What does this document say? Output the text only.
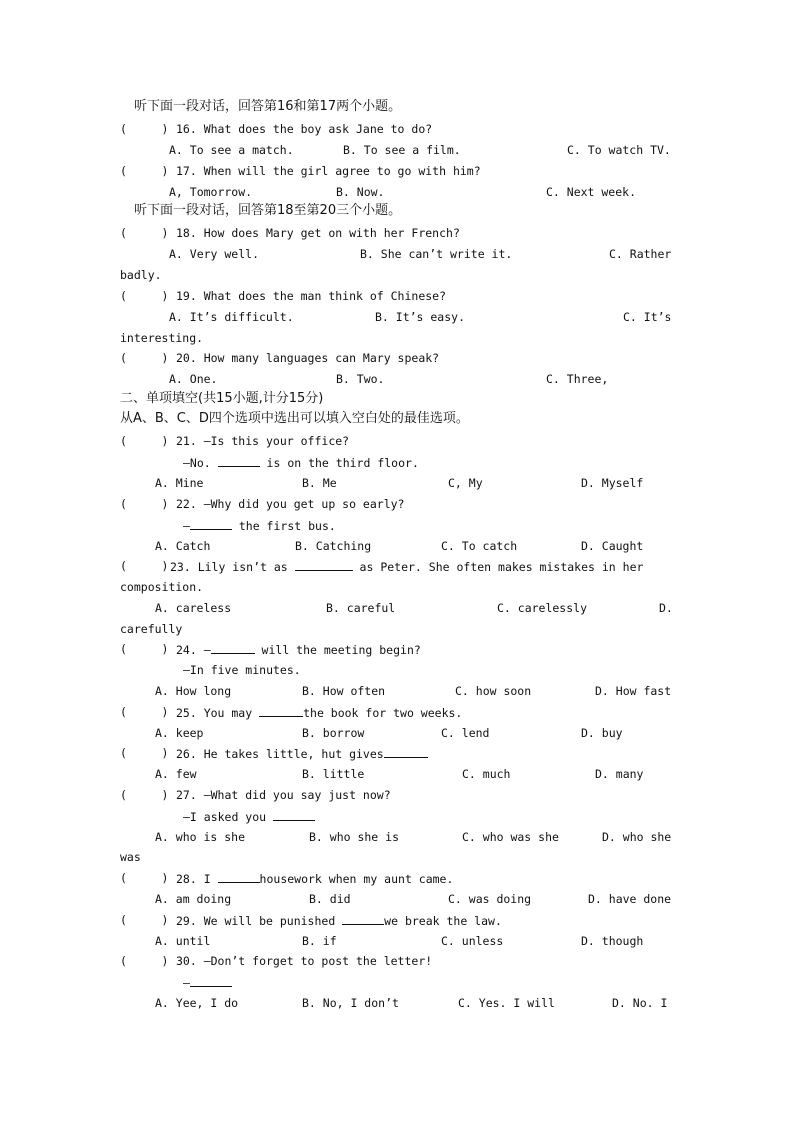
听下面一段对话，回答第16和第17两个小题。
(     ) 16. What does the boy ask Jane to do?
A. To see a match.	B. To see a film.	C. To watch TV.
(     ) 17. When will the girl agree to go with him?
A, Tomorrow.	B. Now.	C. Next week.
听下面一段对话，回答第18至第20三个小题。
(     ) 18. How does Mary get on with her French?
A. Very well.	B. She can’t write it.	C. Rather
badly.
(     ) 19. What does the man think of Chinese?
A. It’s difficult.	B. It’s easy.	C. It’s
interesting.
(     ) 20. How many languages can Mary speak?
A. One.	B. Two.	C. Three,
二、单项填空(共15小题,计分15分)
从A、B、C、D四个选项中选出可以填入空白处的最佳选项。
(     ) 21. —Is this your office?
—No.	is on the third floor.
A. Mine	B. Me	C, My	D. Myself
(     ) 22. —Why did you get up so early?
—	the first bus.
A. Catch	B. Catching	C. To catch	D. Caught
(     ) 23. Lily isn’t as	as Peter. She often makes mistakes in her
composition.
A. careless	B. careful	C. carelessly	D.
carefully
(     ) 24. —	will the meeting begin?
—In five minutes.
A. How long	B. How often	C. how soon	D. How fast
(     ) 25. You may	the book for two weeks.
A. keep	B. borrow	C. lend	D. buy
(     ) 26. He takes little, hut gives
A. few	B. little	C. much	D. many
(     ) 27. —What did you say just now?
—I asked you
A. who is she	B. who she is	C. who was she	D. who she
was
(     ) 28. I	housework when my aunt came.
A. am doing	B. did	C. was doing	D. have done
(     ) 29. We will be punished	we break the law.
A. until	B. if	C. unless	D. though
(     ) 30. —Don’t forget to post the letter!
—
A. Yee, I do	B. No, I don’t	C. Yes. I will	D. No. I
